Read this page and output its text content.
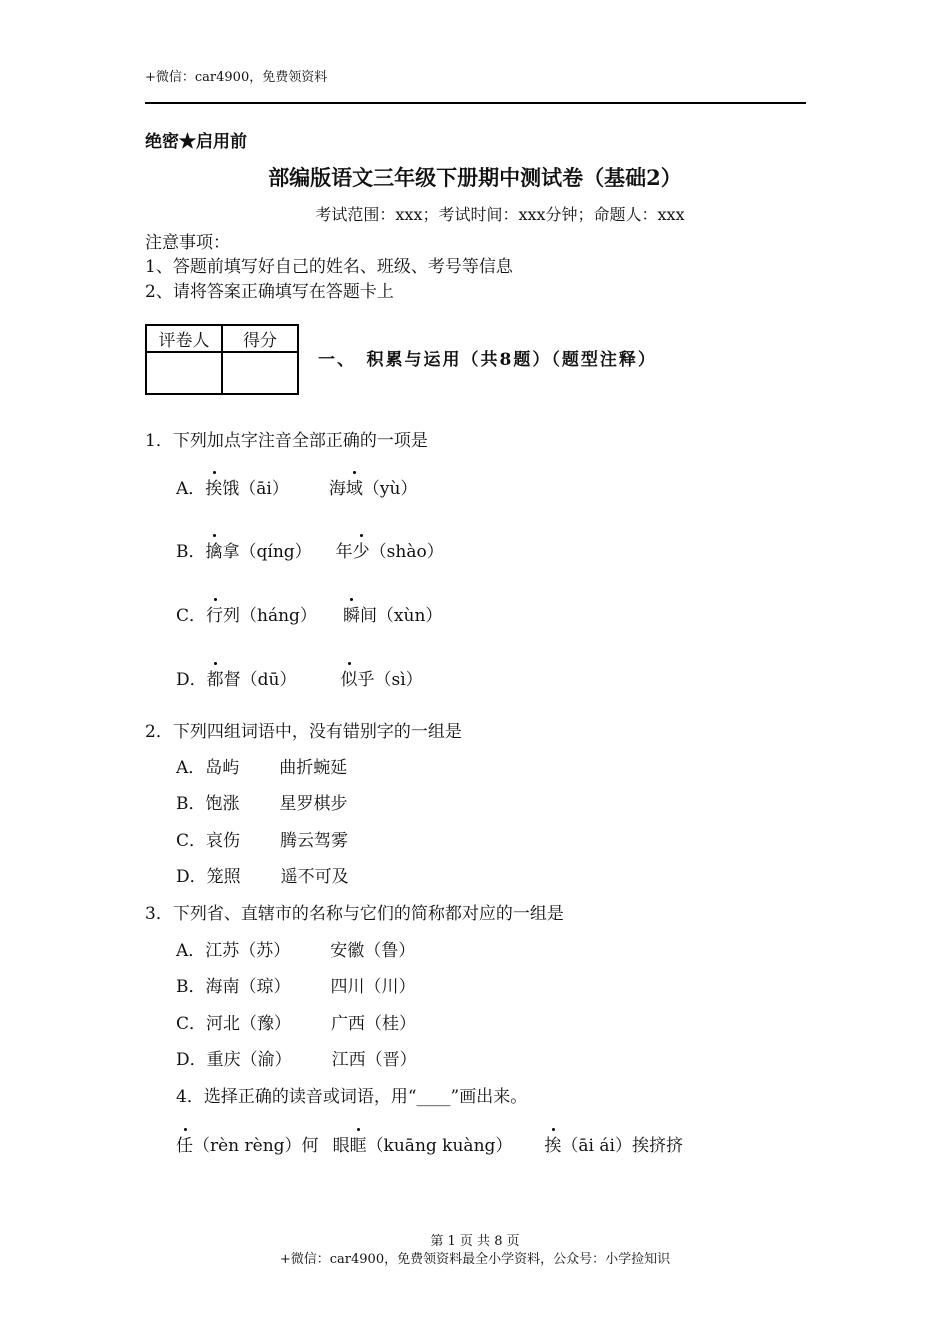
+微信：car4900，免费领资料
绝密★启用前
部编版语文三年级下册期中测试卷（基础2）
考试范围：xxx；考试时间：xxx分钟；命题人：xxx
注意事项：
1、答题前填写好自己的姓名、班级、考号等信息
2、请将答案正确填写在答题卡上
评卷人	得分

一、　积累与运用（共8题）（题型注释）
1．下列加点字注音全部正确的一项是
A．挨饿（āi） 海域（yù）
B．擒拿（qíng） 年少（shào）
C．行列（háng） 瞬间（xùn）
D．都督（dū）	似乎（sì）
2．下列四组词语中，没有错别字的一组是
A．岛屿 曲折蜿延
B．饱涨 星罗棋步
C．哀伤 腾云驾雾
D．笼照 遥不可及
3．下列省、直辖市的名称与它们的简称都对应的一组是
A．江苏（苏） 安徽（鲁）
B．海南（琼） 四川（川）
C．河北（豫） 广西（桂）
D．重庆（渝） 江西（晋）
4．选择正确的读音或词语，用“____”画出来。
任（rèn rèng）何 眼眶（kuāng kuàng） 挨（āi ái）挨挤挤
第 1 页 共 8 页
+微信：car4900，免费领资料最全小学资料，公众号：小学捡知识
